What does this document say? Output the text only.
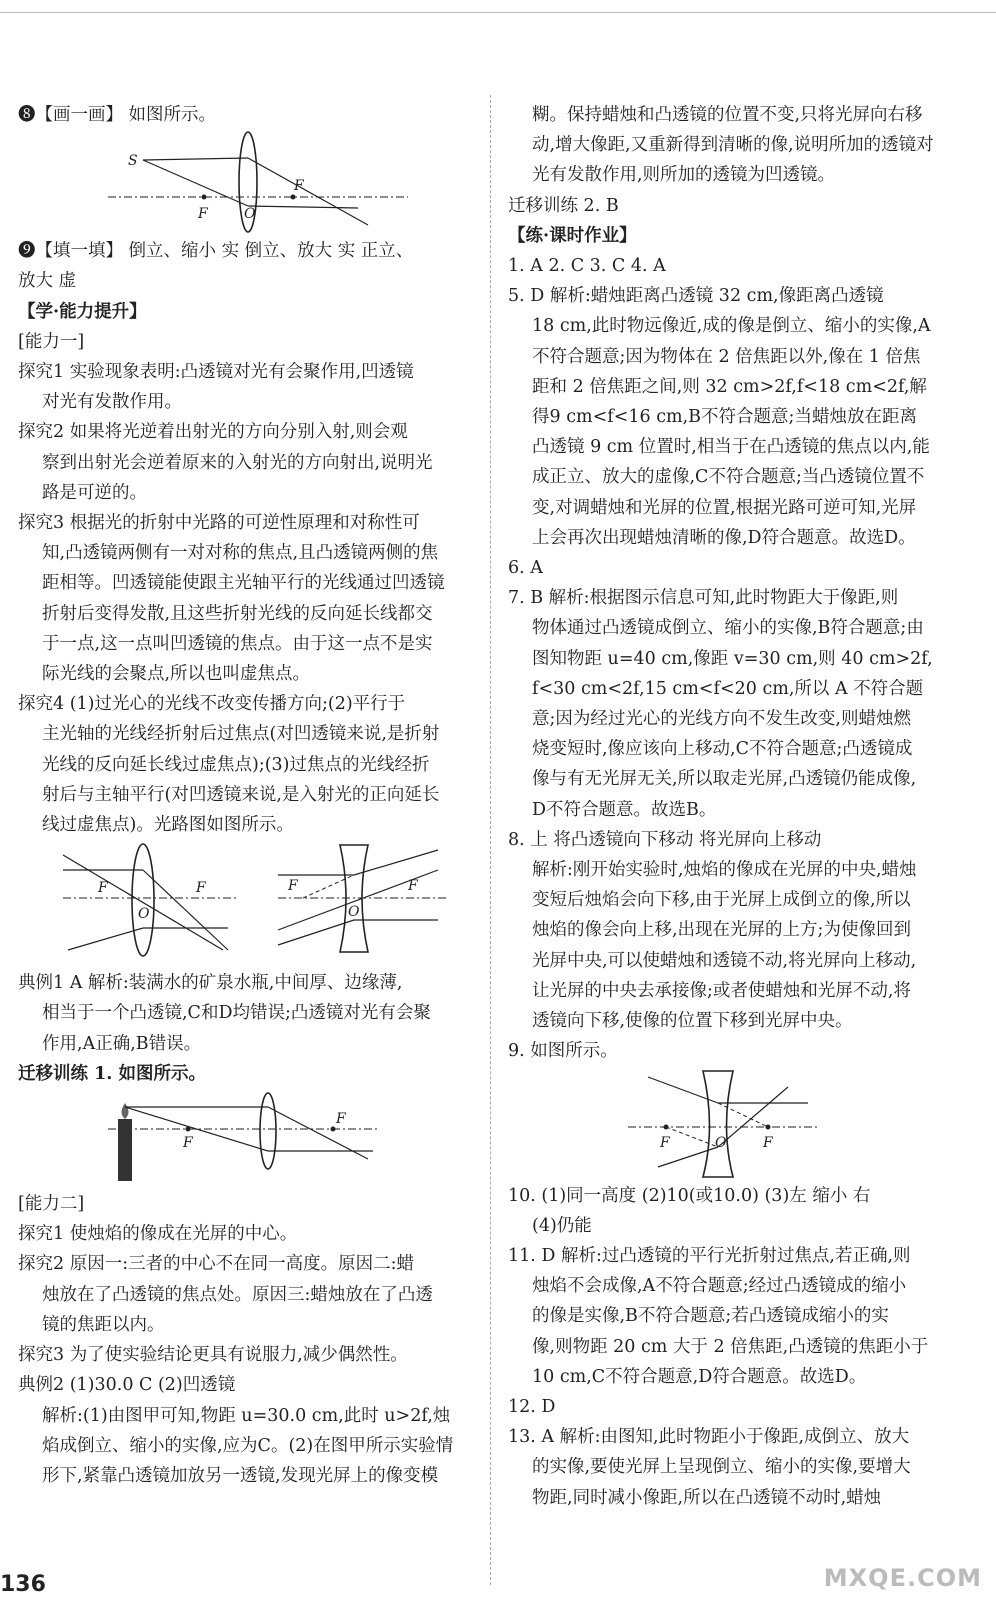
❽【画一画】 如图所示。

S
F
F
O

❾【填一填】 倒立、缩小 实 倒立、放大 实 正立、

放大 虚

【学·能力提升】

[能力一]

探究1 实验现象表明:凸透镜对光有会聚作用,凹透镜

对光有发散作用。

探究2 如果将光逆着出射光的方向分别入射,则会观

察到出射光会逆着原来的入射光的方向射出,说明光

路是可逆的。

探究3 根据光的折射中光路的可逆性原理和对称性可

知,凸透镜两侧有一对对称的焦点,且凸透镜两侧的焦

距相等。凹透镜能使跟主光轴平行的光线通过凹透镜

折射后变得发散,且这些折射光线的反向延长线都交

于一点,这一点叫凹透镜的焦点。由于这一点不是实

际光线的会聚点,所以也叫虚焦点。

探究4 (1)过光心的光线不改变传播方向;(2)平行于

主光轴的光线经折射后过焦点(对凹透镜来说,是折射

光线的反向延长线过虚焦点);(3)过焦点的光线经折

射后与主轴平行(对凹透镜来说,是入射光的正向延长

线过虚焦点)。光路图如图所示。

F	F
O
F	F
O

典例1 A 解析:装满水的矿泉水瓶,中间厚、边缘薄,

相当于一个凸透镜,C和D均错误;凸透镜对光有会聚

作用,A正确,B错误。

迁移训练 1. 如图所示。

F
F

[能力二]

探究1 使烛焰的像成在光屏的中心。

探究2 原因一:三者的中心不在同一高度。原因二:蜡

烛放在了凸透镜的焦点处。原因三:蜡烛放在了凸透

镜的焦距以内。

探究3 为了使实验结论更具有说服力,减少偶然性。

典例2 (1)30.0 C (2)凹透镜

解析:(1)由图甲可知,物距 u=30.0 cm,此时 u>2f,烛

焰成倒立、缩小的实像,应为C。(2)在图甲所示实验情

形下,紧靠凸透镜加放另一透镜,发现光屏上的像变模

糊。保持蜡烛和凸透镜的位置不变,只将光屏向右移

动,增大像距,又重新得到清晰的像,说明所加的透镜对

光有发散作用,则所加的透镜为凹透镜。

迁移训练 2. B

【练·课时作业】

1. A 2. C 3. C 4. A

5. D 解析:蜡烛距离凸透镜 32 cm,像距离凸透镜

18 cm,此时物远像近,成的像是倒立、缩小的实像,A

不符合题意;因为物体在 2 倍焦距以外,像在 1 倍焦

距和 2 倍焦距之间,则 32 cm>2f,f<18 cm<2f,解

得9 cm<f<16 cm,B不符合题意;当蜡烛放在距离

凸透镜 9 cm 位置时,相当于在凸透镜的焦点以内,能

成正立、放大的虚像,C不符合题意;当凸透镜位置不

变,对调蜡烛和光屏的位置,根据光路可逆可知,光屏

上会再次出现蜡烛清晰的像,D符合题意。故选D。

6. A

7. B 解析:根据图示信息可知,此时物距大于像距,则

物体通过凸透镜成倒立、缩小的实像,B符合题意;由

图知物距 u=40 cm,像距 v=30 cm,则 40 cm>2f,

f<30 cm<2f,15 cm<f<20 cm,所以 A 不符合题

意;因为经过光心的光线方向不发生改变,则蜡烛燃

烧变短时,像应该向上移动,C不符合题意;凸透镜成

像与有无光屏无关,所以取走光屏,凸透镜仍能成像,

D不符合题意。故选B。

8. 上 将凸透镜向下移动 将光屏向上移动

解析:刚开始实验时,烛焰的像成在光屏的中央,蜡烛

变短后烛焰会向下移,由于光屏上成倒立的像,所以

烛焰的像会向上移,出现在光屏的上方;为使像回到

光屏中央,可以使蜡烛和透镜不动,将光屏向上移动,

让光屏的中央去承接像;或者使蜡烛和光屏不动,将

透镜向下移,使像的位置下移到光屏中央。

9. 如图所示。

F	F
O

10. (1)同一高度 (2)10(或10.0) (3)左 缩小 右

(4)仍能

11. D 解析:过凸透镜的平行光折射过焦点,若正确,则

烛焰不会成像,A不符合题意;经过凸透镜成的缩小

的像是实像,B不符合题意;若凸透镜成缩小的实

像,则物距 20 cm 大于 2 倍焦距,凸透镜的焦距小于

10 cm,C不符合题意,D符合题意。故选D。

12. D

13. A 解析:由图知,此时物距小于像距,成倒立、放大

的实像,要使光屏上呈现倒立、缩小的实像,要增大

物距,同时减小像距,所以在凸透镜不动时,蜡烛

136	MXQE.COM
